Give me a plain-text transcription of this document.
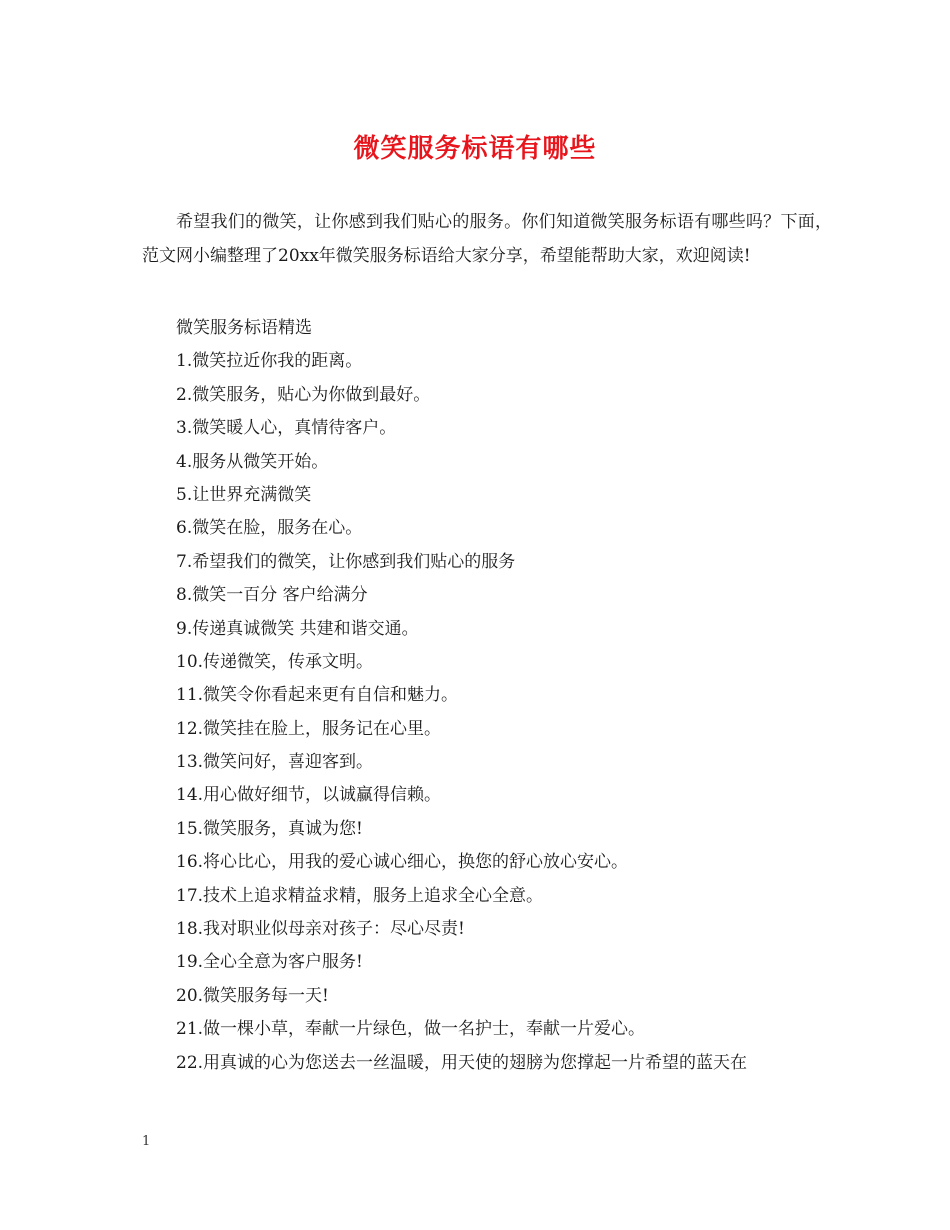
微笑服务标语有哪些

希望我们的微笑，让你感到我们贴心的服务。你们知道微笑服务标语有哪些吗？下面，范文网小编整理了20xx年微笑服务标语给大家分享，希望能帮助大家，欢迎阅读!

微笑服务标语精选
1.微笑拉近你我的距离。
2.微笑服务，贴心为你做到最好。
3.微笑暖人心，真情待客户。
4.服务从微笑开始。
5.让世界充满微笑
6.微笑在脸，服务在心。
7.希望我们的微笑，让你感到我们贴心的服务
8.微笑一百分 客户给满分
9.传递真诚微笑 共建和谐交通。
10.传递微笑，传承文明。
11.微笑令你看起来更有自信和魅力。
12.微笑挂在脸上，服务记在心里。
13.微笑问好，喜迎客到。
14.用心做好细节，以诚赢得信赖。
15.微笑服务，真诚为您!
16.将心比心，用我的爱心诚心细心，换您的舒心放心安心。
17.技术上追求精益求精，服务上追求全心全意。
18.我对职业似母亲对孩子：尽心尽责!
19.全心全意为客户服务!
20.微笑服务每一天!
21.做一棵小草，奉献一片绿色，做一名护士，奉献一片爱心。
22.用真诚的心为您送去一丝温暖，用天使的翅膀为您撑起一片希望的蓝天在
1
